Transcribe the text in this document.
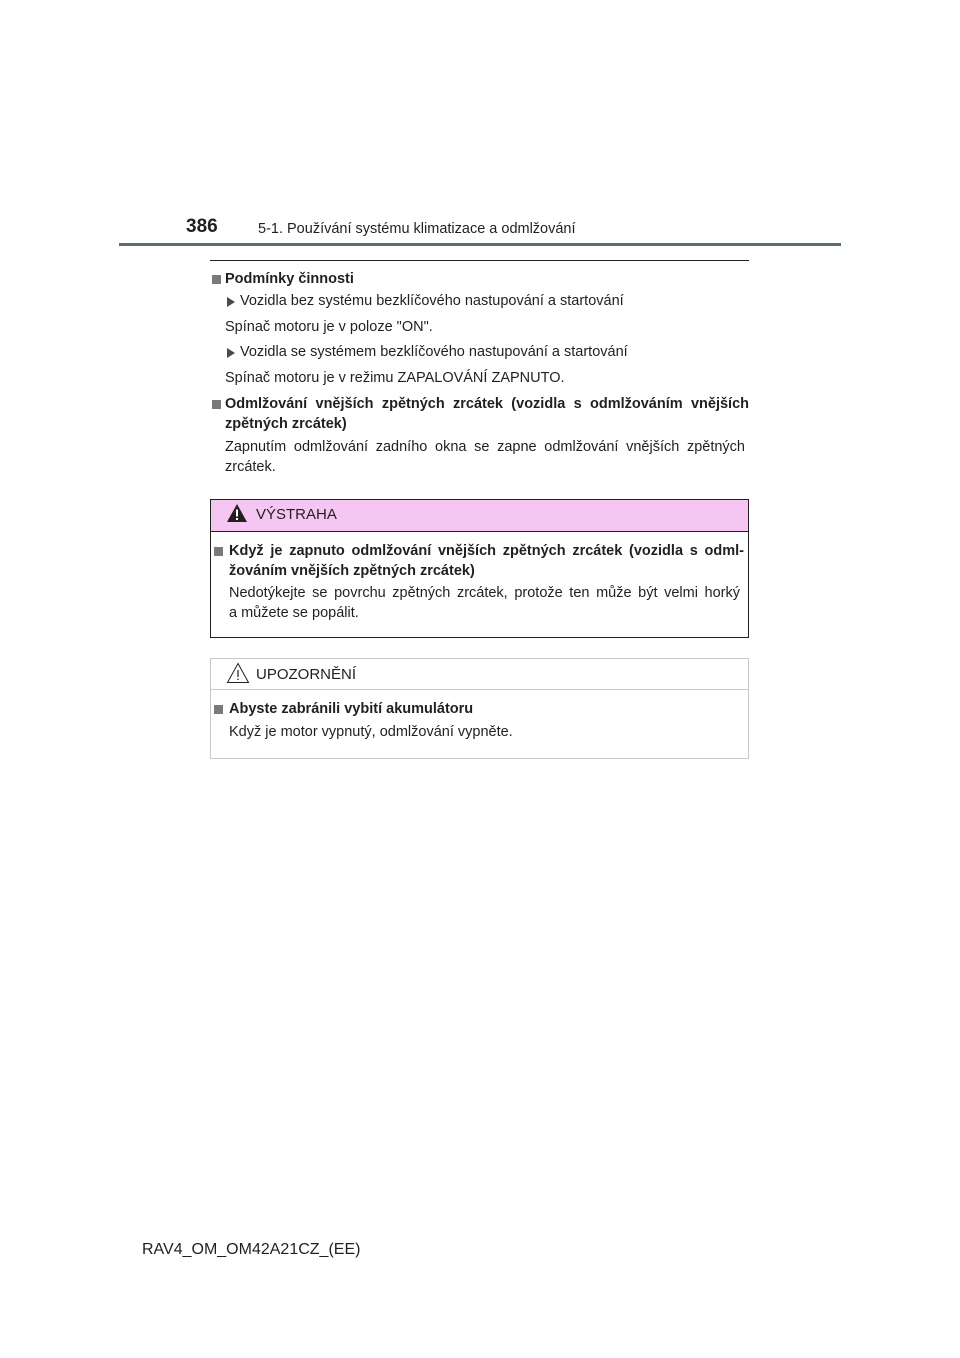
386	5-1. Používání systému klimatizace a odmlžování
Podmínky činnosti
Vozidla bez systému bezklíčového nastupování a startování
Spínač motoru je v poloze "ON".
Vozidla se systémem bezklíčového nastupování a startování
Spínač motoru je v režimu ZAPALOVÁNÍ ZAPNUTO.
Odmlžování vnějších zpětných zrcátek (vozidla s odmlžováním vnějších
zpětných zrcátek)
Zapnutím odmlžování zadního okna se zapne odmlžování vnějších zpětných
zrcátek.
VÝSTRAHA
Když je zapnuto odmlžování vnějších zpětných zrcátek (vozidla s odml-
žováním vnějších zpětných zrcátek)
Nedotýkejte se povrchu zpětných zrcátek, protože ten může být velmi horký
a můžete se popálit.
UPOZORNĚNÍ
Abyste zabránili vybití akumulátoru
Když je motor vypnutý, odmlžování vypněte.
RAV4_OM_OM42A21CZ_(EE)
